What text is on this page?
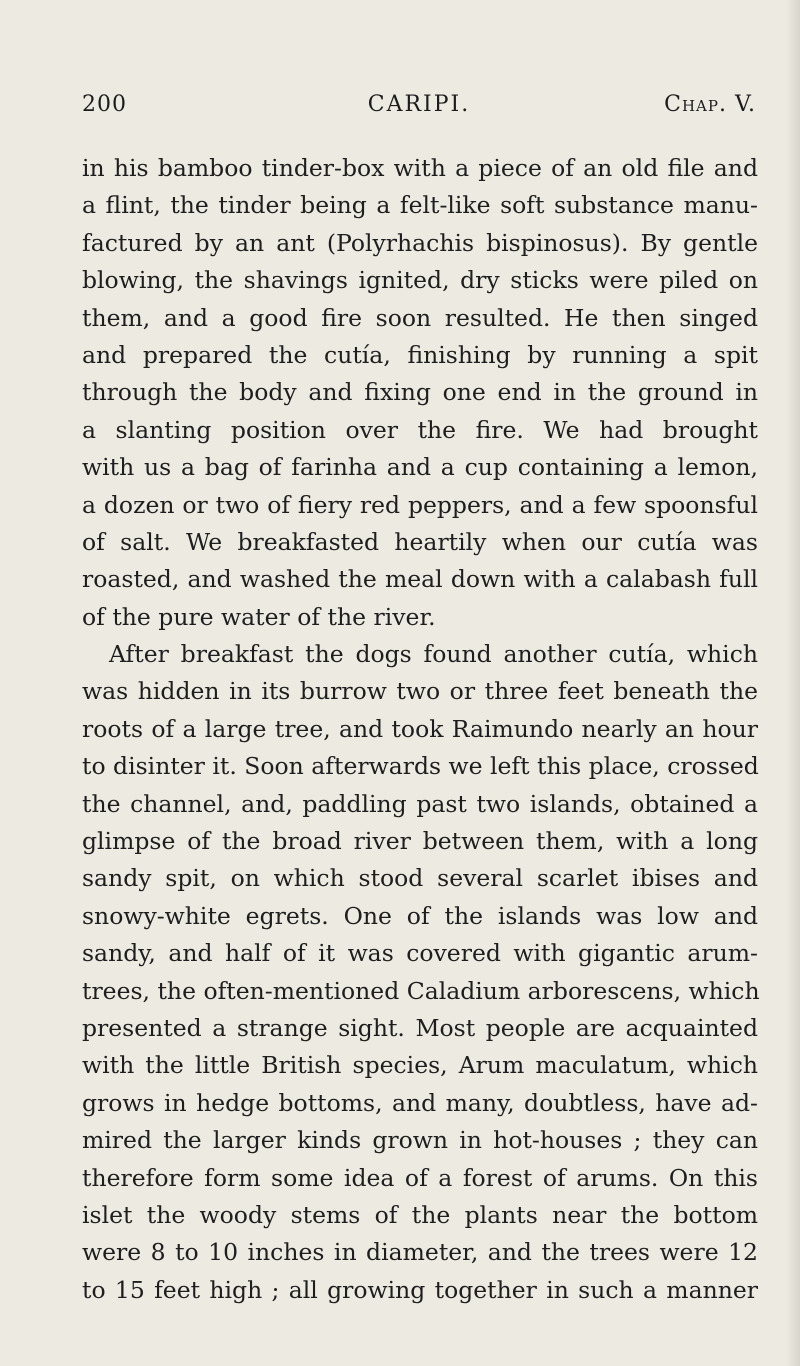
200	CARIPI.	Chap. V.
in his bamboo tinder-box with a piece of an old file and
a flint, the tinder being a felt-like soft substance manu-
factured by an ant (Polyrhachis bispinosus). By gentle
blowing, the shavings ignited, dry sticks were piled on
them, and a good fire soon resulted. He then singed
and prepared the cutía, finishing by running a spit
through the body and fixing one end in the ground in
a slanting position over the fire. We had brought
with us a bag of farinha and a cup containing a lemon,
a dozen or two of fiery red peppers, and a few spoonsful
of salt. We breakfasted heartily when our cutía was
roasted, and washed the meal down with a calabash full
of the pure water of the river.
After breakfast the dogs found another cutía, which
was hidden in its burrow two or three feet beneath the
roots of a large tree, and took Raimundo nearly an hour
to disinter it. Soon afterwards we left this place, crossed
the channel, and, paddling past two islands, obtained a
glimpse of the broad river between them, with a long
sandy spit, on which stood several scarlet ibises and
snowy-white egrets. One of the islands was low and
sandy, and half of it was covered with gigantic arum-
trees, the often-mentioned Caladium arborescens, which
presented a strange sight. Most people are acquainted
with the little British species, Arum maculatum, which
grows in hedge bottoms, and many, doubtless, have ad-
mired the larger kinds grown in hot-houses ; they can
therefore form some idea of a forest of arums. On this
islet the woody stems of the plants near the bottom
were 8 to 10 inches in diameter, and the trees were 12
to 15 feet high ; all growing together in such a manner
